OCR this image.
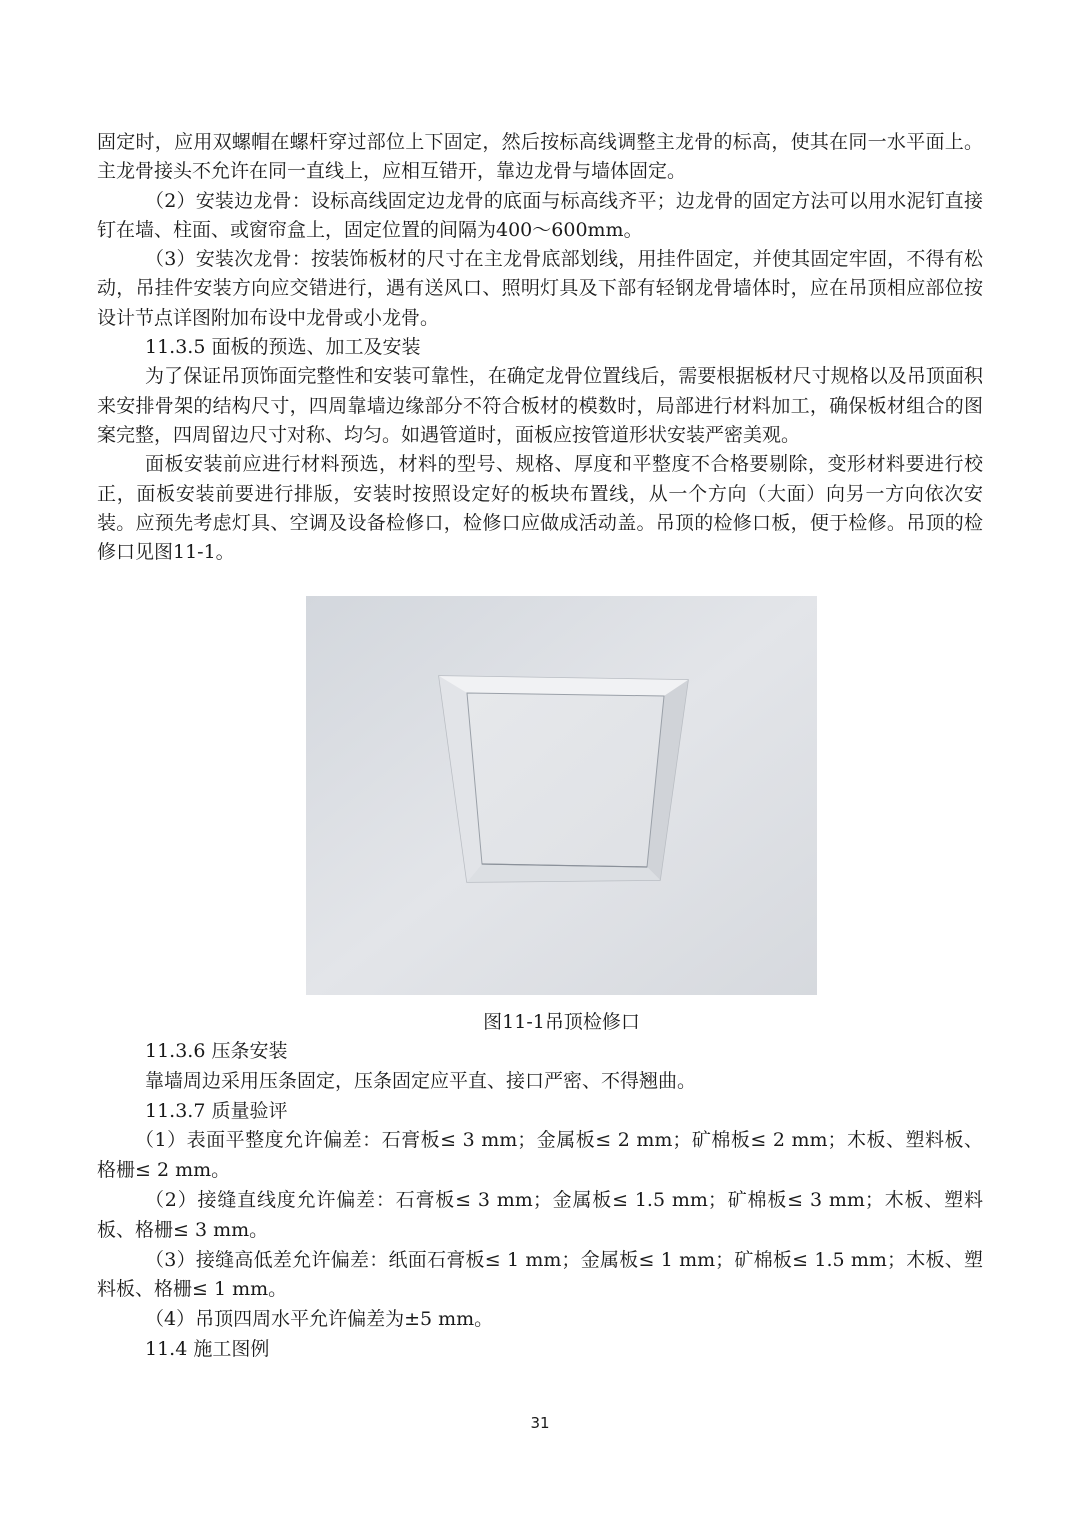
固定时，应用双螺帽在螺杆穿过部位上下固定，然后按标高线调整主龙骨的标高，使其在同一水平面上。主龙骨接头不允许在同一直线上，应相互错开，靠边龙骨与墙体固定。

（2）安装边龙骨：设标高线固定边龙骨的底面与标高线齐平；边龙骨的固定方法可以用水泥钉直接钉在墙、柱面、或窗帘盒上，固定位置的间隔为400～600mm。

（3）安装次龙骨：按装饰板材的尺寸在主龙骨底部划线，用挂件固定，并使其固定牢固，不得有松动，吊挂件安装方向应交错进行，遇有送风口、照明灯具及下部有轻钢龙骨墙体时，应在吊顶相应部位按设计节点详图附加布设中龙骨或小龙骨。

11.3.5 面板的预选、加工及安装

为了保证吊顶饰面完整性和安装可靠性，在确定龙骨位置线后，需要根据板材尺寸规格以及吊顶面积来安排骨架的结构尺寸，四周靠墙边缘部分不符合板材的模数时，局部进行材料加工，确保板材组合的图案完整，四周留边尺寸对称、均匀。如遇管道时，面板应按管道形状安装严密美观。

面板安装前应进行材料预选，材料的型号、规格、厚度和平整度不合格要剔除，变形材料要进行校正，面板安装前要进行排版，安装时按照设定好的板块布置线，从一个方向（大面）向另一方向依次安装。应预先考虑灯具、空调及设备检修口，检修口应做成活动盖。吊顶的检修口板，便于检修。吊顶的检修口见图11-1。

图11-1吊顶检修口

11.3.6 压条安装

靠墙周边采用压条固定，压条固定应平直、接口严密、不得翘曲。

11.3.7 质量验评

（1）表面平整度允许偏差：石膏板≤ 3 mm；金属板≤ 2 mm；矿棉板≤ 2 mm；木板、塑料板、格栅≤ 2 mm。

（2）接缝直线度允许偏差：石膏板≤ 3 mm；金属板≤ 1.5 mm；矿棉板≤ 3 mm；木板、塑料板、格栅≤ 3 mm。

（3）接缝高低差允许偏差：纸面石膏板≤ 1 mm；金属板≤ 1 mm；矿棉板≤ 1.5 mm；木板、塑料板、格栅≤ 1 mm。

（4）吊顶四周水平允许偏差为±5 mm。

11.4 施工图例

31
